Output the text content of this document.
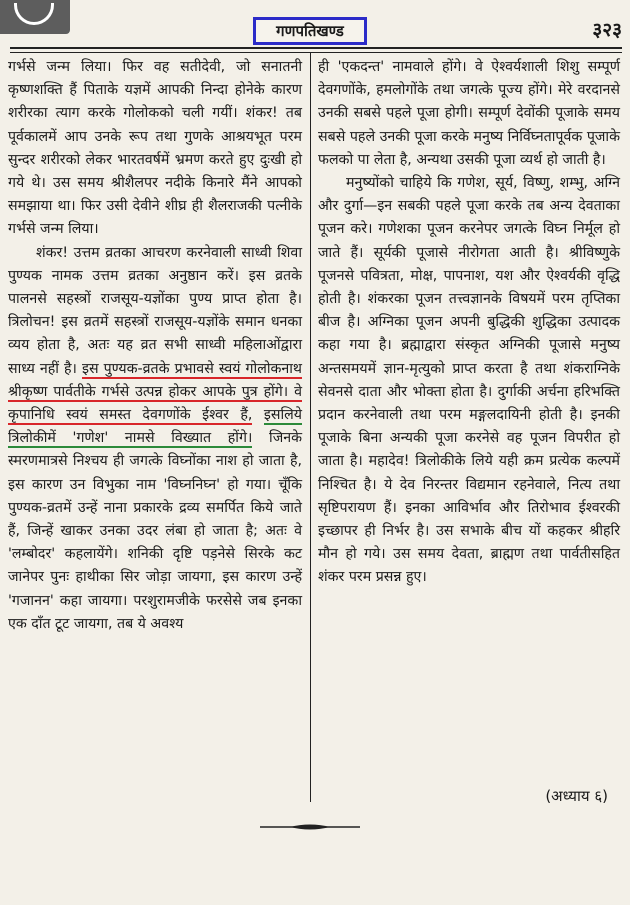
गणपतिखण्ड	३२३

गर्भसे जन्म लिया। फिर वह सतीदेवी, जो सनातनी कृष्णशक्ति हैं पिताके यज्ञमें आपकी निन्दा होनेके कारण शरीरका त्याग करके गोलोकको चली गयीं। शंकर! तब पूर्वकालमें आप उनके रूप तथा गुणके आश्रयभूत परम सुन्दर शरीरको लेकर भारतवर्षमें भ्रमण करते हुए दुःखी हो गये थे। उस समय श्रीशैलपर नदीके किनारे मैंने आपको समझाया था। फिर उसी देवीने शीघ्र ही शैलराजकी पत्नीके गर्भसे जन्म लिया।

शंकर! उत्तम व्रतका आचरण करनेवाली साध्वी शिवा पुण्यक नामक उत्तम व्रतका अनुष्ठान करें। इस व्रतके पालनसे सहस्त्रों राजसूय-यज्ञोंका पुण्य प्राप्त होता है। त्रिलोचन! इस व्रतमें सहस्त्रों राजसूय-यज्ञोंके समान धनका व्यय होता है, अतः यह व्रत सभी साध्वी महिलाओंद्वारा साध्य नहीं है। इस पुण्यक-व्रतके प्रभावसे स्वयं गोलोकनाथ श्रीकृष्ण पार्वतीके गर्भसे उत्पन्न होकर आपके पुत्र होंगे। वे कृपानिधि स्वयं समस्त देवगणोंके ईश्वर हैं, इसलिये त्रिलोकीमें 'गणेश' नामसे विख्यात होंगे। जिनके स्मरणमात्रसे निश्चय ही जगत्के विघ्नोंका नाश हो जाता है, इस कारण उन विभुका नाम 'विघ्ननिघ्न' हो गया। चूँकि पुण्यक-व्रतमें उन्हें नाना प्रकारके द्रव्य समर्पित किये जाते हैं, जिन्हें खाकर उनका उदर लंबा हो जाता है; अतः वे 'लम्बोदर' कहलायेंगे। शनिकी दृष्टि पड़नेसे सिरके कट जानेपर पुनः हाथीका सिर जोड़ा जायगा, इस कारण उन्हें 'गजानन' कहा जायगा। परशुरामजीके फरसेसे जब इनका एक दाँत टूट जायगा, तब ये अवश्य

ही 'एकदन्त' नामवाले होंगे। वे ऐश्वर्यशाली शिशु सम्पूर्ण देवगणोंके, हमलोगोंके तथा जगत्के पूज्य होंगे। मेरे वरदानसे उनकी सबसे पहले पूजा होगी। सम्पूर्ण देवोंकी पूजाके समय सबसे पहले उनकी पूजा करके मनुष्य निर्विघ्नतापूर्वक पूजाके फलको पा लेता है, अन्यथा उसकी पूजा व्यर्थ हो जाती है।

मनुष्योंको चाहिये कि गणेश, सूर्य, विष्णु, शम्भु, अग्नि और दुर्गा—इन सबकी पहले पूजा करके तब अन्य देवताका पूजन करे। गणेशका पूजन करनेपर जगत्के विघ्न निर्मूल हो जाते हैं। सूर्यकी पूजासे नीरोगता आती है। श्रीविष्णुके पूजनसे पवित्रता, मोक्ष, पापनाश, यश और ऐश्वर्यकी वृद्धि होती है। शंकरका पूजन तत्त्वज्ञानके विषयमें परम तृप्तिका बीज है। अग्निका पूजन अपनी बुद्धिकी शुद्धिका उत्पादक कहा गया है। ब्रह्माद्वारा संस्कृत अग्निकी पूजासे मनुष्य अन्तसमयमें ज्ञान-मृत्युको प्राप्त करता है तथा शंकराग्निके सेवनसे दाता और भोक्ता होता है। दुर्गाकी अर्चना हरिभक्ति प्रदान करनेवाली तथा परम मङ्गलदायिनी होती है। इनकी पूजाके बिना अन्यकी पूजा करनेसे वह पूजन विपरीत हो जाता है। महादेव! त्रिलोकीके लिये यही क्रम प्रत्येक कल्पमें निश्चित है। ये देव निरन्तर विद्यमान रहनेवाले, नित्य तथा सृष्टिपरायण हैं। इनका आविर्भाव और तिरोभाव ईश्वरकी इच्छापर ही निर्भर है। उस सभाके बीच यों कहकर श्रीहरि मौन हो गये। उस समय देवता, ब्राह्मण तथा पार्वतीसहित शंकर परम प्रसन्न हुए।

(अध्याय ६)
